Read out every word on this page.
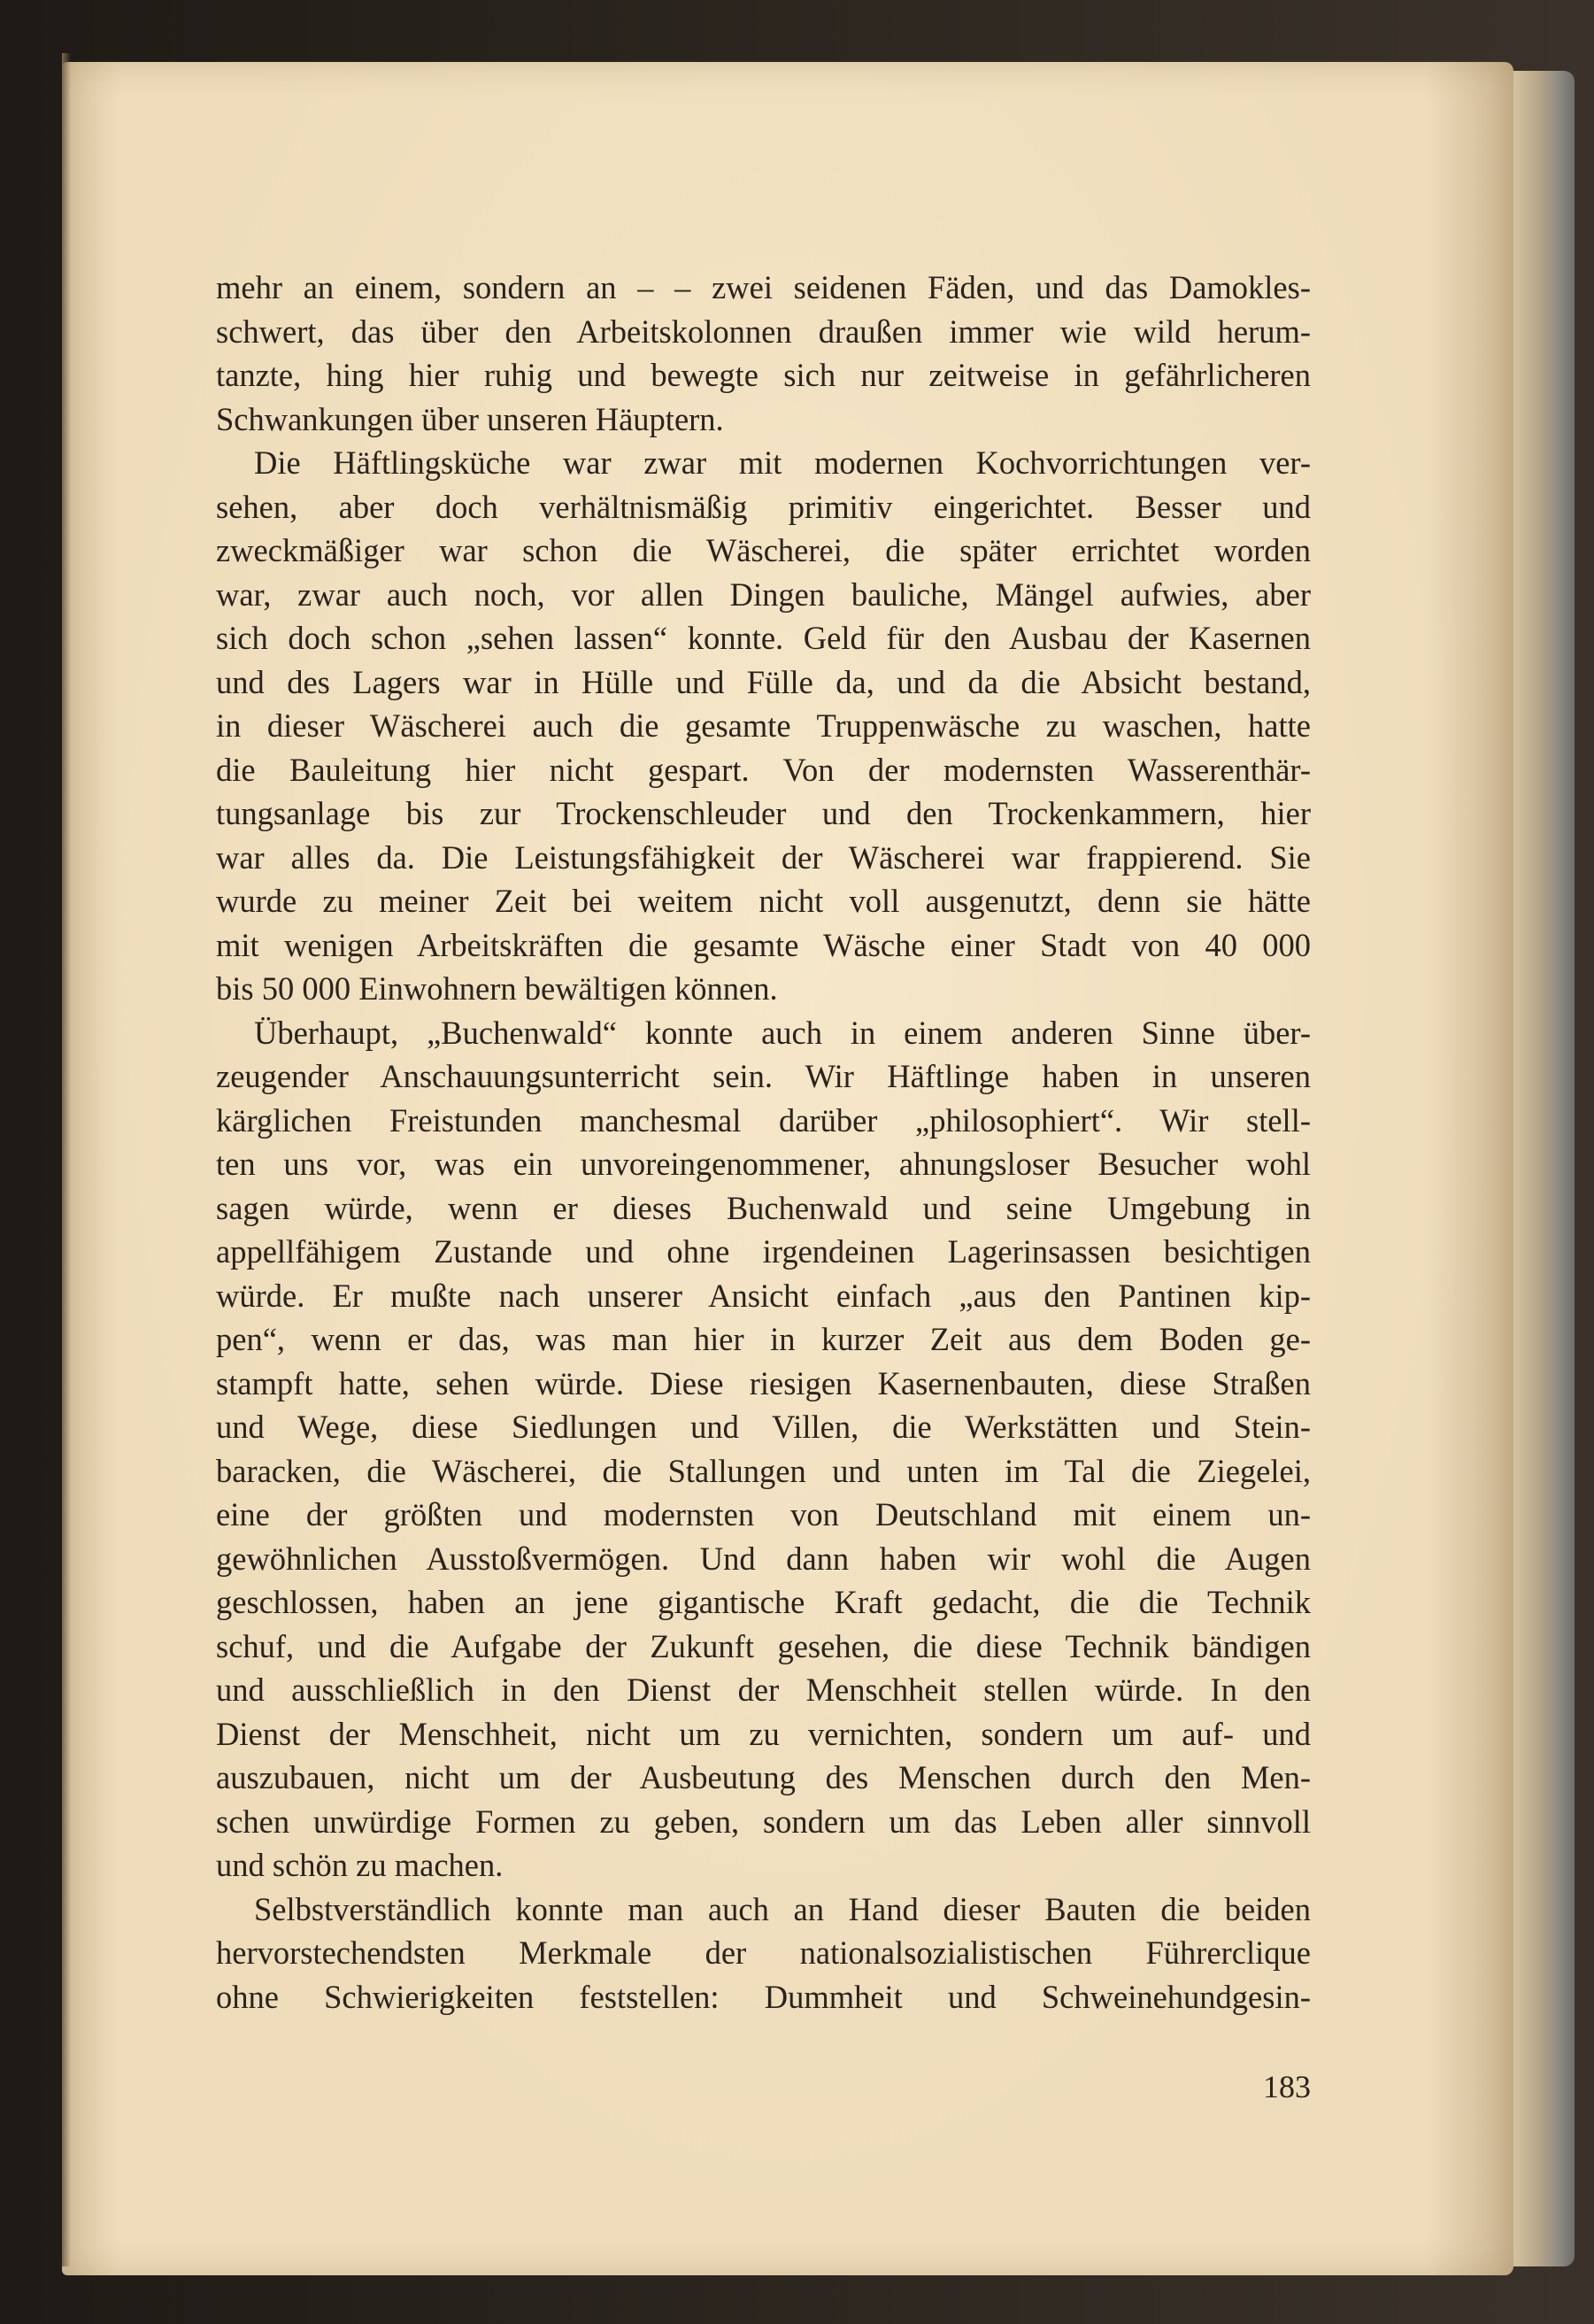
mehr an einem, sondern an – – zwei seidenen Fäden, und das Damokles-
schwert, das über den Arbeitskolonnen draußen immer wie wild herum-
tanzte, hing hier ruhig und bewegte sich nur zeitweise in gefährlicheren
Schwankungen über unseren Häuptern.
Die Häftlingsküche war zwar mit modernen Kochvorrichtungen ver-
sehen, aber doch verhältnismäßig primitiv eingerichtet. Besser und
zweckmäßiger war schon die Wäscherei, die später errichtet worden
war, zwar auch noch, vor allen Dingen bauliche, Mängel aufwies, aber
sich doch schon „sehen lassen“ konnte. Geld für den Ausbau der Kasernen
und des Lagers war in Hülle und Fülle da, und da die Absicht bestand,
in dieser Wäscherei auch die gesamte Truppenwäsche zu waschen, hatte
die Bauleitung hier nicht gespart. Von der modernsten Wasserenthär-
tungsanlage bis zur Trockenschleuder und den Trockenkammern, hier
war alles da. Die Leistungsfähigkeit der Wäscherei war frappierend. Sie
wurde zu meiner Zeit bei weitem nicht voll ausgenutzt, denn sie hätte
mit wenigen Arbeitskräften die gesamte Wäsche einer Stadt von 40 000
bis 50 000 Einwohnern bewältigen können.
Überhaupt, „Buchenwald“ konnte auch in einem anderen Sinne über-
zeugender Anschauungsunterricht sein. Wir Häftlinge haben in unseren
kärglichen Freistunden manchesmal darüber „philosophiert“. Wir stell-
ten uns vor, was ein unvoreingenommener, ahnungsloser Besucher wohl
sagen würde, wenn er dieses Buchenwald und seine Umgebung in
appellfähigem Zustande und ohne irgendeinen Lagerinsassen besichtigen
würde. Er mußte nach unserer Ansicht einfach „aus den Pantinen kip-
pen“, wenn er das, was man hier in kurzer Zeit aus dem Boden ge-
stampft hatte, sehen würde. Diese riesigen Kasernenbauten, diese Straßen
und Wege, diese Siedlungen und Villen, die Werkstätten und Stein-
baracken, die Wäscherei, die Stallungen und unten im Tal die Ziegelei,
eine der größten und modernsten von Deutschland mit einem un-
gewöhnlichen Ausstoßvermögen. Und dann haben wir wohl die Augen
geschlossen, haben an jene gigantische Kraft gedacht, die die Technik
schuf, und die Aufgabe der Zukunft gesehen, die diese Technik bändigen
und ausschließlich in den Dienst der Menschheit stellen würde. In den
Dienst der Menschheit, nicht um zu vernichten, sondern um auf- und
auszubauen, nicht um der Ausbeutung des Menschen durch den Men-
schen unwürdige Formen zu geben, sondern um das Leben aller sinnvoll
und schön zu machen.
Selbstverständlich konnte man auch an Hand dieser Bauten die beiden
hervorstechendsten Merkmale der nationalsozialistischen Führerclique
ohne Schwierigkeiten feststellen: Dummheit und Schweinehundgesin-
183
